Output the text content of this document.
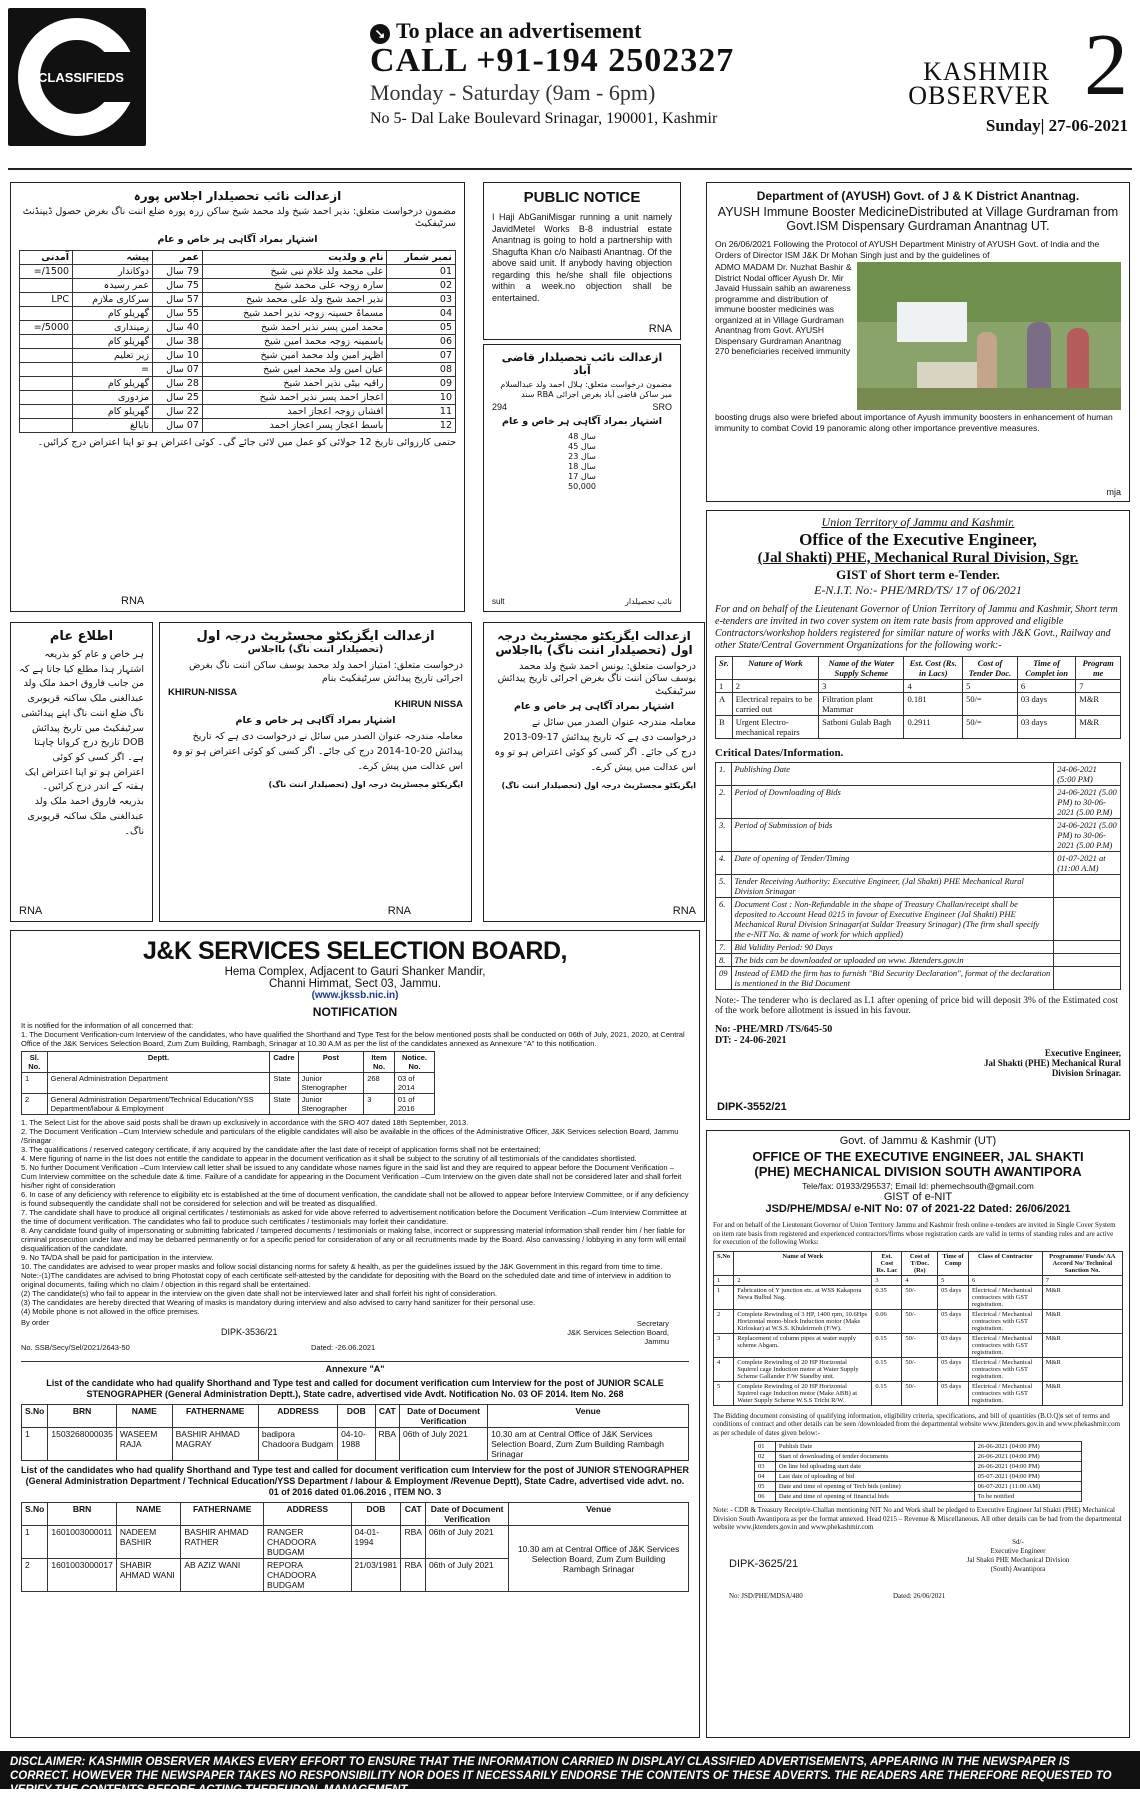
CLASSIFIEDS
↘ To place an advertisement
CALL +91-194 2502327
Monday - Saturday (9am - 6pm)
No 5- Dal Lake Boulevard Srinagar, 190001, Kashmir
2
KASHMIR
OBSERVER
Sunday| 27-06-2021
ازعدالت نائب تحصیلدار اجلاس پورہ
مضمون درخواست متعلق: نذیر احمد شیخ ولد محمد شیخ ساکن زرہ پورہ ضلع اننت ناگ بغرض حصول ڈیپنڈنٹ سرٹیفکیٹ
اشتہار بمراد آگاہی ہر خاص و عام
نمبر شمار	نام و ولدیت	عمر	پیشہ	آمدنی
01	علی محمد ولد غلام نبی شیخ	79 سال	دوکاندار	1500/=
02	سارہ زوجہ علی محمد شیخ	75 سال	عمر رسیدہ	
03	نذیر احمد شیخ ولد علی محمد شیخ	57 سال	سرکاری ملازم	LPC
04	مسماۃ حسینہ زوجہ نذیر احمد شیخ	55 سال	گھریلو کام	
05	محمد امین پسر نذیر احمد شیخ	40 سال	زمینداری	5000/=
06	یاسمینہ زوجہ محمد امین شیخ	38 سال	گھریلو کام	
07	اظہر امین ولد محمد امین شیخ	10 سال	زیر تعلیم	
08	عیان امین ولد محمد امین شیخ	07 سال	=	
09	راقیہ بیٹی نذیر احمد شیخ	28 سال	گھریلو کام	
10	اعجاز احمد پسر نذیر احمد شیخ	25 سال	مزدوری	
11	افشاں زوجہ اعجاز احمد	22 سال	گھریلو کام	
12	باسط اعجاز پسر اعجاز احمد	07 سال	نابالغ	
حتمی کارروائی تاریخ 12 جولائی کو عمل میں لائی جائے گی۔ کوئی اعتراض ہو تو اپنا اعتراض درج کرائیں۔
RNA
PUBLIC NOTICE
I Haji AbGaniMisgar running a unit namely JavidMetel Works B-8 industrial estate Anantnag is going to hold a partnership with Shagufta Khan c/o Naibasti Anantnag. Of the above said unit. If anybody having objection regarding this he/she shall file objections within a week.no objection shall be entertained.
RNA
ازعدالت نائب تحصیلدار قاضی آباد
مضمون درخواست متعلق: ہلال احمد ولد عبدالسلام میر ساکن قاضی آباد بغرض اجرائی RBA سند
294	SRO
اشتہار بمراد آگاہی ہر خاص و عام
48 سال
45 سال
23 سال
18 سال
17 سال
50,000
sult	نائب تحصیلدار
Department of (AYUSH) Govt. of J & K District Anantnag.
AYUSH Immune Booster MedicineDistributed at Village Gurdraman from Govt.ISM Dispensary Gurdraman Anantnag UT.
On 26/06/2021 Following the Protocol of AYUSH Department Ministry of AYUSH Govt. of India and the Orders of Director ISM J&K Dr Mohan Singh just and by the guidelines of
ADMO MADAM Dr. Nuzhat Bashir & District Nodal officer Ayush Dr. Mir Javaid Hussain sahib an awareness programme and distribution of immune booster medicines was organized at in Village Gurdraman Anantnag from Govt. AYUSH Dispensary Gurdraman Anantnag 270 beneficiaries received immunity
boosting drugs also were briefed about importance of Ayush immunity boosters in enhancement of human immunity to combat Covid 19 panoramic along other importance preventive measures.
mja
اطلاع عام
ہر خاص و عام کو بذریعہ اشتہار ہذا مطلع کیا جاتا ہے کہ من جانب فاروق احمد ملک ولد عبدالغنی ملک ساکنہ قریوبری ناگ ضلع اننت ناگ اپنے پیدائشی سرٹیفکیٹ میں تاریخ پیدائش DOB تاریخ درج کروانا چاہتا ہے۔ اگر کسی کو کوئی اعتراض ہو تو اپنا اعتراض ایک ہفتہ کے اندر درج کرائیں۔ بذریعہ فاروق احمد ملک ولد عبدالغنی ملک ساکنہ قریوبری ناگ۔
RNA
ازعدالت ایگزیکٹو مجسٹریٹ درجہ اول
(تحصیلدار اننت ناگ) بااجلاس
درخواست متعلق: امتیاز احمد ولد محمد یوسف ساکن اننت ناگ بغرض اجرائی تاریخ پیدائش سرٹیفکیٹ بنام
KHIRUN-NISSA
KHIRUN NISSA
اشتہار بمراد آگاہی ہر خاص و عام
معاملہ مندرجہ عنوان الصدر میں سائل نے درخواست دی ہے کہ تاریخ پیدائش 20-10-2014 درج کی جائے۔ اگر کسی کو کوئی اعتراض ہو تو وہ اس عدالت میں پیش کرے۔
ایگزیکٹو مجسٹریٹ درجہ اول (تحصیلدار اننت ناگ)
RNA
ازعدالت ایگزیکٹو مجسٹریٹ درجہ اول (تحصیلدار اننت ناگ) بااجلاس
درخواست متعلق: یونس احمد شیخ ولد محمد یوسف ساکن اننت ناگ بغرض اجرائی تاریخ پیدائش سرٹیفکیٹ
اشتہار بمراد آگاہی ہر خاص و عام
معاملہ مندرجہ عنوان الصدر میں سائل نے درخواست دی ہے کہ تاریخ پیدائش 17-09-2013 درج کی جائے۔ اگر کسی کو کوئی اعتراض ہو تو وہ اس عدالت میں پیش کرے۔
ایگزیکٹو مجسٹریٹ درجہ اول (تحصیلدار اننت ناگ)
RNA
Union Territory of Jammu and Kashmir.
Office of the Executive Engineer,
(Jal Shakti) PHE, Mechanical Rural Division, Sgr.
GIST of Short term e-Tender.
E-N.I.T. No:- PHE/MRD/TS/ 17 of 06/2021
For and on behalf of the Lieutenant Governor of Union Territory of Jammu and Kashmir, Short term e-tenders are invited in two cover system on item rate basis from approved and eligible Contractors/workshop holders registered for similar nature of works with J&K Govt., Railway and other State/Central Government Organizations for the following work:-
Sr.	Nature of Work	Name of the Water Supply Scheme	Est. Cost (Rs. in Lacs)	Cost of Tender Doc.	Time of Complet ion	Program me
1	2	3	4	5	6	7
A	Electrical repairs to be carried out	Filtration plant Mammar	0.181	50/=	03 days	M&R
B	Urgent Electro-mechanical repairs	Satboni Gulab Bagh	0.2911	50/=	03 days	M&R
Critical Dates/Information.
1.	Publishing Date	24-06-2021 (5:00 PM)
2.	Period of Downloading of Bids	24-06-2021 (5.00 PM) to 30-06-2021 (5.00 P.M)
3.	Period of Submission of bids	24-06-2021 (5.00 PM) to 30-06-2021 (5.00 P.M)
4.	Date of opening of Tender/Timing	01-07-2021 at (11:00 A.M)
5.	Tender Receiving Authority: Executive Engineer, (Jal Shakti) PHE Mechanical Rural Division Srinagar	
6.	Document Cost : Non-Refundable in the shape of Treasury Challan/receipt shall be deposited to Account Head 0215 in favour of Executive Engineer (Jal Shakti) PHE Mechanical Rural Division Srinagar(at Suldar Treasury Srinagar) (The firm shall specify the e-NIT No. & name of work for which applied)	
7.	Bid Validity Period: 90 Days	
8.	The bids can be downloaded or uploaded on www. Jktenders.gov.in	
09	Instead of EMD the firm has to furnish "Bid Security Declaration", format of the declaration is mentioned in the Bid Document	
Note:- The tenderer who is declared as L1 after opening of price bid will deposit 3% of the Estimated cost of the work before allotment is issued in his favour.
No: -PHE/MRD /TS/645-50
DT: - 24-06-2021
Executive Engineer,
Jal Shakti (PHE) Mechanical Rural
Division Srinagar.
DIPK-3552/21
J&K SERVICES SELECTION BOARD,
Hema Complex, Adjacent to Gauri Shanker Mandir,
Channi Himmat, Sect 03, Jammu.
(www.jkssb.nic.in)
NOTIFICATION
It is notified for the information of all concerned that:
1. The Document Verification-cum Interview of the candidates, who have qualified the Shorthand and Type Test for the below mentioned posts shall be conducted on 06th of July, 2021, 2020, at Central Office of the J&K Services Selection Board, Zum Zum Building, Rambagh, Srinagar at 10.30 A.M as per the list of the candidates annexed as Annexure "A" to this notification.
Sl. No.	Deptt.	Cadre	Post	Item No.	Notice. No.
1	General Administration Department	State	Junior Stenographer	268	03 of 2014
2	General Administration Department/Technical Education/YSS Department/labour & Employment	State	Junior Stenographer	3	01 of 2016
1. The Select List for the above said posts shall be drawn up exclusively in accordance with the SRO 407 dated 18th September, 2013.
2. The Document Verification –Cum Interview schedule and particulars of the eligible candidates will also be available in the offices of the Administrative Officer, J&K Services selection Board, Jammu /Srinagar
3. The qualifications / reserved category certificate, if any acquired by the candidate after the last date of receipt of application forms shall not be entertained;
4. Mere figuring of name in the list does not entitle the candidate to appear in the document verification as it shall be subject to the scrutiny of all testimonials of the candidates shortlisted.
5. No further Document Verification –Cum Interview call letter shall be issued to any candidate whose names figure in the said list and they are required to appear before the Document Verification –Cum Interview committee on the schedule date & time. Failure of a candidate for appearing in the Document Verification –Cum Interview on the given date shall not be considered later and shall forfeit his/her right of consideration
6. In case of any deficiency with reference to eligibility etc is established at the time of document verification, the candidate shall not be allowed to appear before Interview Committee, or if any deficiency is found subsequently the candidate shall not be considered for selection and will be treated as disqualified.
7. The candidate shall have to produce all original certificates / testimonials as asked for vide above referred to advertisement notification before the Document Verification –Cum Interview Committee at the time of document verification. The candidates who fail to produce such certificates / testimonials may forfeit their candidature.
8. Any candidate found guilty of impersonating or submitting fabricated / tampered documents / testimonials or making false, incorrect or suppressing material information shall render him / her liable for criminal prosecution under law and may be debarred permanently or for a specific period for consideration of any or all recruitments made by the Board. Also canvassing / lobbying in any form will entail disqualification of the candidate.
9. No TA/DA shall be paid for participation in the interview.
10. The candidates are advised to wear proper masks and follow social distancing norms for safety & health, as per the guidelines issued by the J&K Government in this regard from time to time.
Note:-(1)The candidates are advised to bring Photostat copy of each certificate self-attested by the candidate for depositing with the Board on the scheduled date and time of interview in addition to original documents, failing which no claim / objection in this regard shall be entertained.
(2) The candidate(s) who fail to appear in the interview on the given date shall not be interviewed later and shall forfeit his right of consideration.
(3) The candidates are hereby directed that Wearing of masks is mandatory during interview and also advised to carry hand sanitizer for their personal use.
(4) Mobile phone is not allowed in the office premises.
By order
DIPK-3536/21
Secretary
J&K Services Selection Board,
Jammu
No. SSB/Secy/Sel/2021/2643-50	Dated: -26.06.2021
Annexure "A"
List of the candidate who had qualify Shorthand and Type test and called for document verification cum Interview for the post of JUNIOR SCALE STENOGRAPHER (General Administration Deptt.), State cadre, advertised vide Avdt. Notification No. 03 OF 2014. Item No. 268
S.No	BRN	NAME	FATHERNAME	ADDRESS	DOB	CAT	Date of Document Verification	Venue
1	1503268000035	WASEEM RAJA	BASHIR AHMAD MAGRAY	badipora Chadoora Budgam	04-10-1988	RBA	06th of July 2021	10.30 am at Central Office of J&K Services Selection Board, Zum Zum Building Rambagh Srinagar
List of the candidates who had qualify Shorthand and Type test and called for document verification cum Interview for the post of JUNIOR STENOGRAPHER (General Administration Department / Technical Education/YSS Department / labour & Employment /Revenue Deptt), State Cadre, advertised vide advt. no. 01 of 2016 dated 01.06.2016 , ITEM NO. 3
S.No	BRN	NAME	FATHERNAME	ADDRESS	DOB	CAT	Date of Document Verification	Venue
1	1601003000011	NADEEM BASHIR	BASHIR AHMAD RATHER	RANGER CHADOORA BUDGAM	04-01-1994	RBA	06th of July 2021	10.30 am at Central Office of J&K Services Selection Board, Zum Zum Building Rambagh Srinagar
2	1601003000017	SHABIR AHMAD WANI	AB AZIZ WANI	REPORA CHADOORA BUDGAM	21/03/1981	RBA	06th of July 2021	
Govt. of Jammu & Kashmir (UT)
OFFICE OF THE EXECUTIVE ENGINEER, JAL SHAKTI
(PHE) MECHANICAL DIVISION SOUTH AWANTIPORA
Tele/fax: 01933/295537; Email Id: phemechsouth@gmail.com
GIST of e-NIT
JSD/PHE/MDSA/ e-NIT No: 07 of 2021-22 Dated: 26/06/2021
For and on behalf of the Lieutenant Governor of Union Territory Jammu and Kashmir fresh online e-tenders are invited in Single Cover System on item rate basis from registered and experienced contractors/firms whose registration cards are valid in terms of standing rules and are active for execution of the following Works:
S.No	Name of Work	Est. Cost Rs. Lac	Cost of T/Doc. (Rs)	Time of Comp	Class of Contractor	Programme/ Funds/ AA Accord No/ Technical Sanction No.
1	2	3	4	5	6	7
1	Fabrication of Y junction etc. at WSS Kakapora Newa Bulbul Nag.	0.35	50/-	05 days	Electrical / Mechanical contractors with GST registration.	M&R
2	Complete Rewinding of 3 HP, 1400 rpm, 10.6Hps Horizontal mono-block Induction motor (Make Kirloskar) at W.S.S. Khuleirmoh (F/W).	0.06	50/-	05 days	Electrical / Mechanical contractors with GST registration.	M&R
3	Replacement of column pipes at water supply scheme Abgam.	0.15	50/-	03 days	Electrical / Mechanical contractors with GST registration.	M&R
4	Complete Rewinding of 20 HP Horizontal Squirrel cage Induction motor at Water Supply Scheme Gallander F/W Standby unit.	0.15	50/-	05 days	Electrical / Mechanical contractors with GST registration.	M&R
5	Complete Rewinding of 20 HP Horizontal Squirrel cage Induction motor (Make ABB) at Water Supply Scheme W.S.S Trichi R/W.	0.15	50/-	05 days	Electrical / Mechanical contractors with GST registration.	M&R
The Bidding document consisting of qualifying information, eligibility criteria, specifications, and bill of quantities (B.O.Q)s set of terms and conditions of contract and other details can be seen /downloaded from the departmental website www.jktenders.gov.in and www.phekashmir.com as per schedule of dates given below:-
01	Publish Date	26-06-2021 (04:00 PM)
02	Start of downloading of tender documents	26-06-2021 (04:00 PM)
03	On line bid uploading start date	26-06-2021 (04:00 PM)
04	Last date of uploading of bid	05-07-2021 (04:00 PM)
05	Date and time of opening of Tech bids (online)	06-07-2021 (11:00 AM)
06	Date and time of opening of financial bids	To be notified
Note: - CDR & Treasury Receipt/e-Challan mentioning NIT No and Work shall be pledged to Executive Engineer Jal Shakti (PHE) Mechanical Division South Awantipora as per the format annexed. Head 0215 – Revenue & Miscellaneous. All other details can be had from the departmental website www.jktenders.gov.in and www.phekashmir.com
DIPK-3625/21
Sd/-
Executive Engineer
Jal Shakti PHE Mechanical Division
(South) Awantipora
No: JSD/PHE/MDSA/480	Dated: 26/06/2021
DISCLAIMER: KASHMIR OBSERVER MAKES EVERY EFFORT TO ENSURE THAT THE INFORMATION CARRIED IN DISPLAY/ CLASSIFIED ADVERTISEMENTS, APPEARING IN THE NEWSPAPER IS CORRECT. HOWEVER THE NEWSPAPER TAKES NO RESPONSIBILITY NOR DOES IT NECESSARILY ENDORSE THE CONTENTS OF THESE ADVERTS. THE READERS ARE THEREFORE REQUESTED TO VERIFY THE CONTENTS BEFORE ACTING THEREUPON. MANAGEMENT
